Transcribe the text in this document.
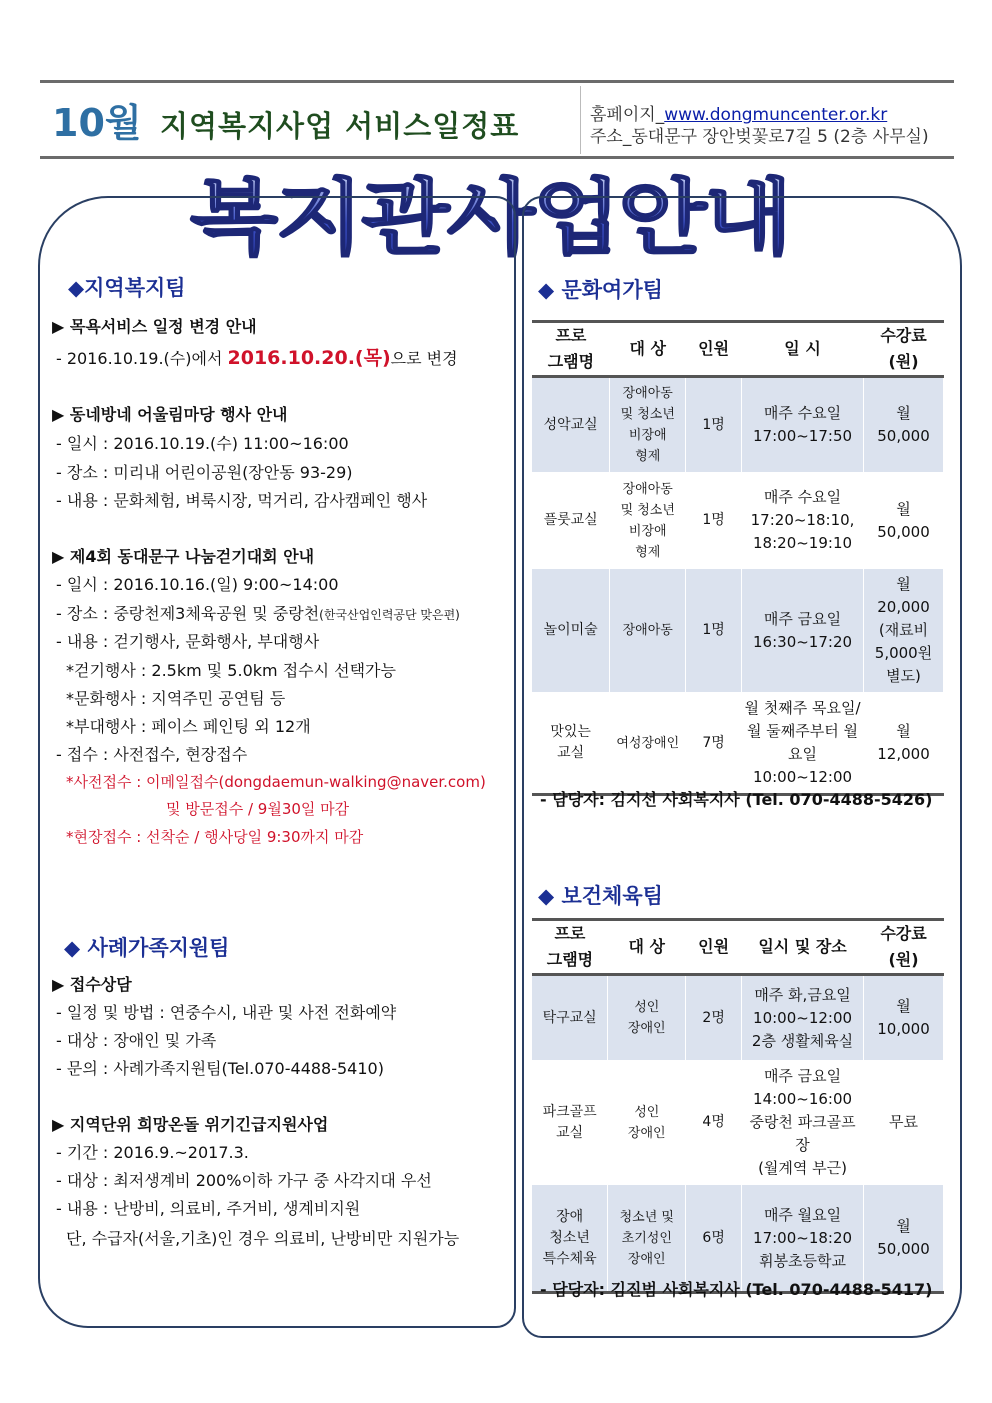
10월 지역복지사업 서비스일정표	홈페이지_www.dongmuncenter.or.kr
주소_동대문구 장안벚꽃로7길 5 (2층 사무실)
복지관사업안내
◆지역복지팀
▶ 목욕서비스 일정 변경 안내
- 2016.10.19.(수)에서 2016.10.20.(목)으로 변경
▶ 동네방네 어울림마당 행사 안내
- 일시 : 2016.10.19.(수) 11:00~16:00
- 장소 : 미리내 어린이공원(장안동 93-29)
- 내용 : 문화체험, 벼룩시장, 먹거리, 감사캠페인 행사
▶ 제4회 동대문구 나눔걷기대회 안내
- 일시 : 2016.10.16.(일) 9:00~14:00
- 장소 : 중랑천제3체육공원 및 중랑천(한국산업인력공단 맞은편)
- 내용 : 걷기행사, 문화행사, 부대행사
*걷기행사 : 2.5km 및 5.0km 접수시 선택가능
*문화행사 : 지역주민 공연팀 등
*부대행사 : 페이스 페인팅 외 12개
- 접수 : 사전접수, 현장접수
*사전접수 : 이메일접수(dongdaemun-walking@naver.com)
및 방문접수 / 9월30일 마감
*현장접수 : 선착순 / 행사당일 9:30까지 마감
◆ 사례가족지원팀
▶ 접수상담
- 일정 및 방법 : 연중수시, 내관 및 사전 전화예약
- 대상 : 장애인 및 가족
- 문의 : 사례가족지원팀(Tel.070-4488-5410)
▶ 지역단위 희망온돌 위기긴급지원사업
- 기간 : 2016.9.~2017.3.
- 대상 : 최저생계비 200%이하 가구 중 사각지대 우선
- 내용 : 난방비, 의료비, 주거비, 생계비지원
단, 수급자(서울,기초)인 경우 의료비, 난방비만 지원가능
◆ 문화여가팀
프로
그램명	대 상	인원	일 시	수강료
(원)
성악교실	장애아동
및 청소년
비장애
형제	1명	매주 수요일
17:00~17:50	월
50,000
플룻교실	장애아동
및 청소년
비장애
형제	1명	매주 수요일
17:20~18:10,
18:20~19:10	월
50,000
놀이미술	장애아동	1명	매주 금요일
16:30~17:20	월
20,000
(재료비
5,000원
별도)
맛있는
교실	여성장애인	7명	월 첫째주 목요일/
월 둘째주부터 월요일
10:00~12:00	월
12,000
- 담당자: 김지선 사회복지사 (Tel. 070-4488-5426)
◆ 보건체육팀
프로
그램명	대 상	인원	일시 및 장소	수강료
(원)
탁구교실	성인
장애인	2명	매주 화,금요일
10:00~12:00
2층 생활체육실	월
10,000
파크골프
교실	성인
장애인	4명	매주 금요일
14:00~16:00
중랑천 파크골프장
(월계역 부근)	무료
장애
청소년
특수체육	청소년 및
초기성인
장애인	6명	매주 월요일
17:00~18:20
휘봉초등학교	월
50,000
- 담당자: 김진범 사회복지사 (Tel. 070-4488-5417)
